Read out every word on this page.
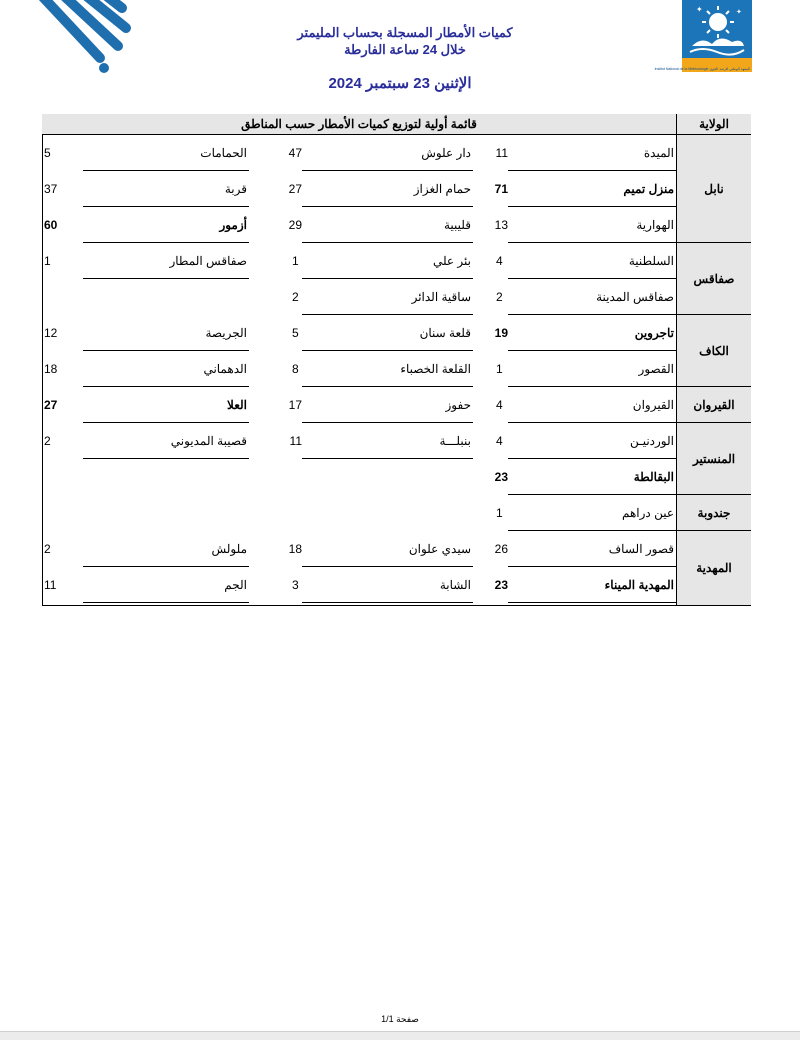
✦	✦
المعهد الوطني للرصد الجوي Institut National de la Météorologie
كميات الأمطار المسجلة بحساب المليمتر
خلال 24 ساعة الفارطة
الإثنين 23 سبتمبر 2024
الولاية
قائمة أولية لتوزيع كميات الأمطار حسب المناطق
نابل
صفاقس
الكاف
القيروان
المنستير
جندوبة
المهدية
الميدة
11
دار علوش
47
الحمامات
5
منزل تميم
71
حمام الغزاز
27
قربة
37
الهوارية
13
قليبية
29
أزمور
60
السلطنية
4
بئر علي
1
صفاقس المطار
1
صفاقس المدينة
2
ساقية الدائر
2
تاجروين
19
قلعة سنان
5
الجريصة
12
القصور
1
القلعة الخصباء
8
الدهماني
18
القيروان
4
حفوز
17
العلا
27
الوردنيـن
4
بنبلـــة
11
قصيبة المديوني
2
البقالطة
23
عين دراهم
1
قصور الساف
26
سيدي علوان
18
ملولش
2
المهدية الميناء
23
الشابة
3
الجم
11
صفحة 1/1
